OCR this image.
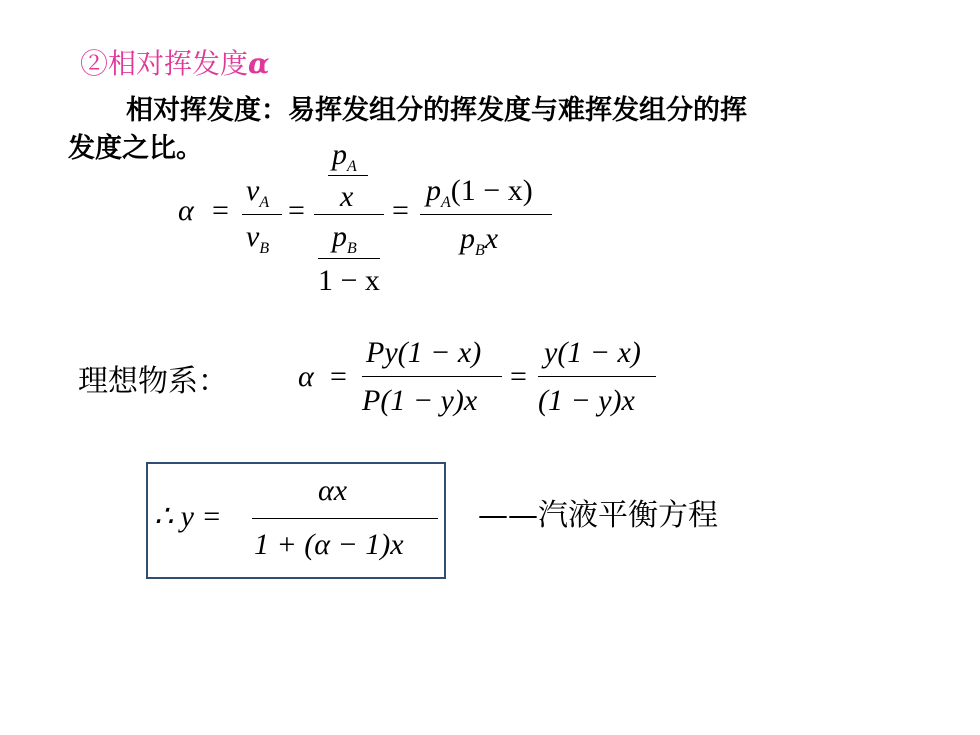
②相对挥发度α
相对挥发度：易挥发组分的挥发度与难挥发组分的挥
发度之比。
α =
$\nu_A$
$\nu_B$
=
$p_A$
x
$p_B$
1 − x
=
$p_A(1 - x)$
$p_Bx$
理想物系： α =
Py(1 − x)
P(1 − y)x
=
y(1 − x)
(1 − y)x
∴ y =
αx
1 + (α − 1)x
——汽液平衡方程
